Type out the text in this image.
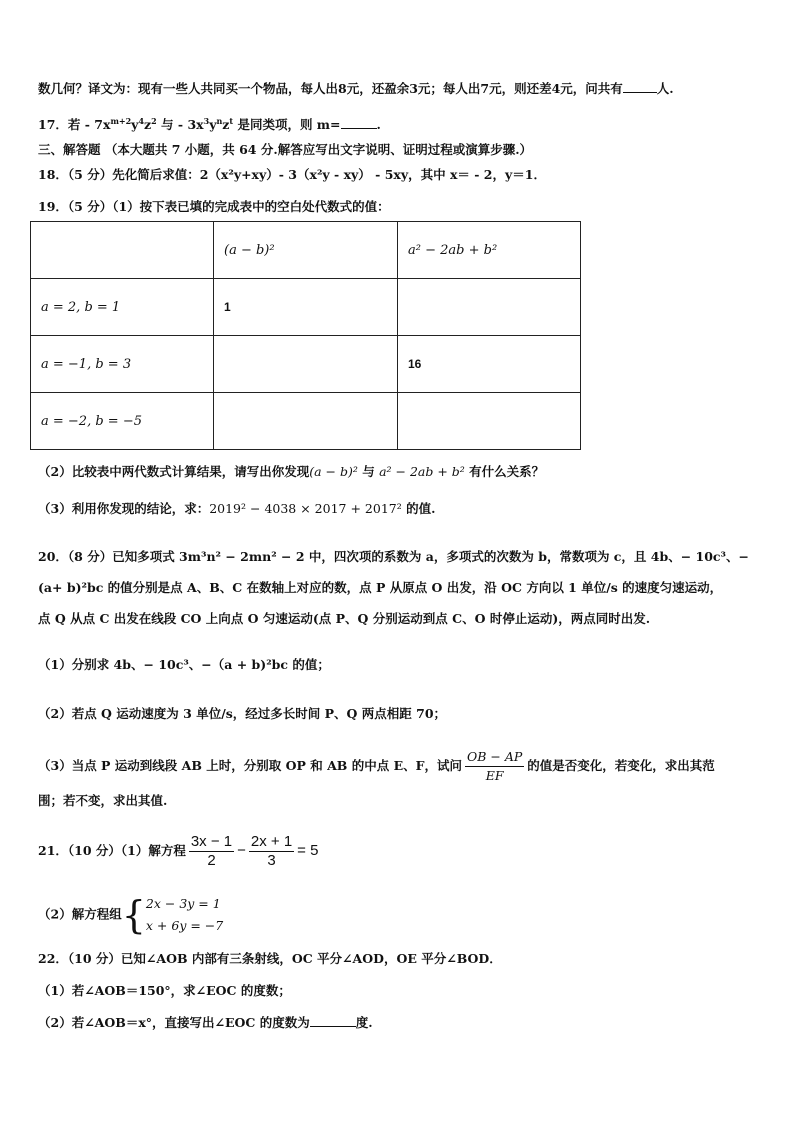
数几何？译文为：现有一些人共同买一个物品，每人出8元，还盈余3元；每人出7元，则还差4元，问共有	人.
17．若 - $7x^{m+2}y^4z^2$ 与 - $3x^3y^nz^t$ 是同类项，则 m=	.
三、解答题 （本大题共 7 小题，共 64 分.解答应写出文字说明、证明过程或演算步骤.）
18．（5 分）先化简后求值：2（x²y+xy）- 3（x²y - xy） - 5xy，其中 x＝ - 2，y＝1．
19．（5 分）（1）按下表已填的完成表中的空白处代数式的值：
	(a − b)²	a² − 2ab + b²
a = 2, b = 1	1	
a = −1, b = 3		16
a = −2, b = −5		
（2）比较表中两代数式计算结果，请写出你发现(a − b)² 与 a² − 2ab + b² 有什么关系？
（3）利用你发现的结论，求：2019² − 4038 × 2017 + 2017² 的值.
20．（8 分）已知多项式 3m³n² − 2mn² − 2 中，四次项的系数为 a，多项式的次数为 b，常数项为 c，且 4b、− 10c³、−
(a+ b)²bc 的值分别是点 A、B、C 在数轴上对应的数，点 P 从原点 O 出发，沿 OC 方向以 1 单位/s 的速度匀速运动，
点 Q 从点 C 出发在线段 CO 上向点 O 匀速运动(点 P、Q 分别运动到点 C、O 时停止运动)，两点同时出发.
（1）分别求 4b、− 10c³、−（a + b)²bc 的值；
（2）若点 Q 运动速度为 3 单位/s，经过多长时间 P、Q 两点相距 70；
（3）当点 P 运动到线段 AB 上时，分别取 OP 和 AB 的中点 E、F，试问 $\frac{OB - AP}{EF}$ 的值是否变化，若变化，求出其范
围；若不变，求出其值.
21．（10 分）（1）解方程 $\frac{3x - 1}{2} - \frac{2x + 1}{3} = 5$
（2）解方程组{ 2x − 3y = 1
x + 6y = −7
22．（10 分）已知∠AOB 内部有三条射线，OC 平分∠AOD，OE 平分∠BOD．
（1）若∠AOB＝150°，求∠EOC 的度数；
（2）若∠AOB＝x°，直接写出∠EOC 的度数为	度.
